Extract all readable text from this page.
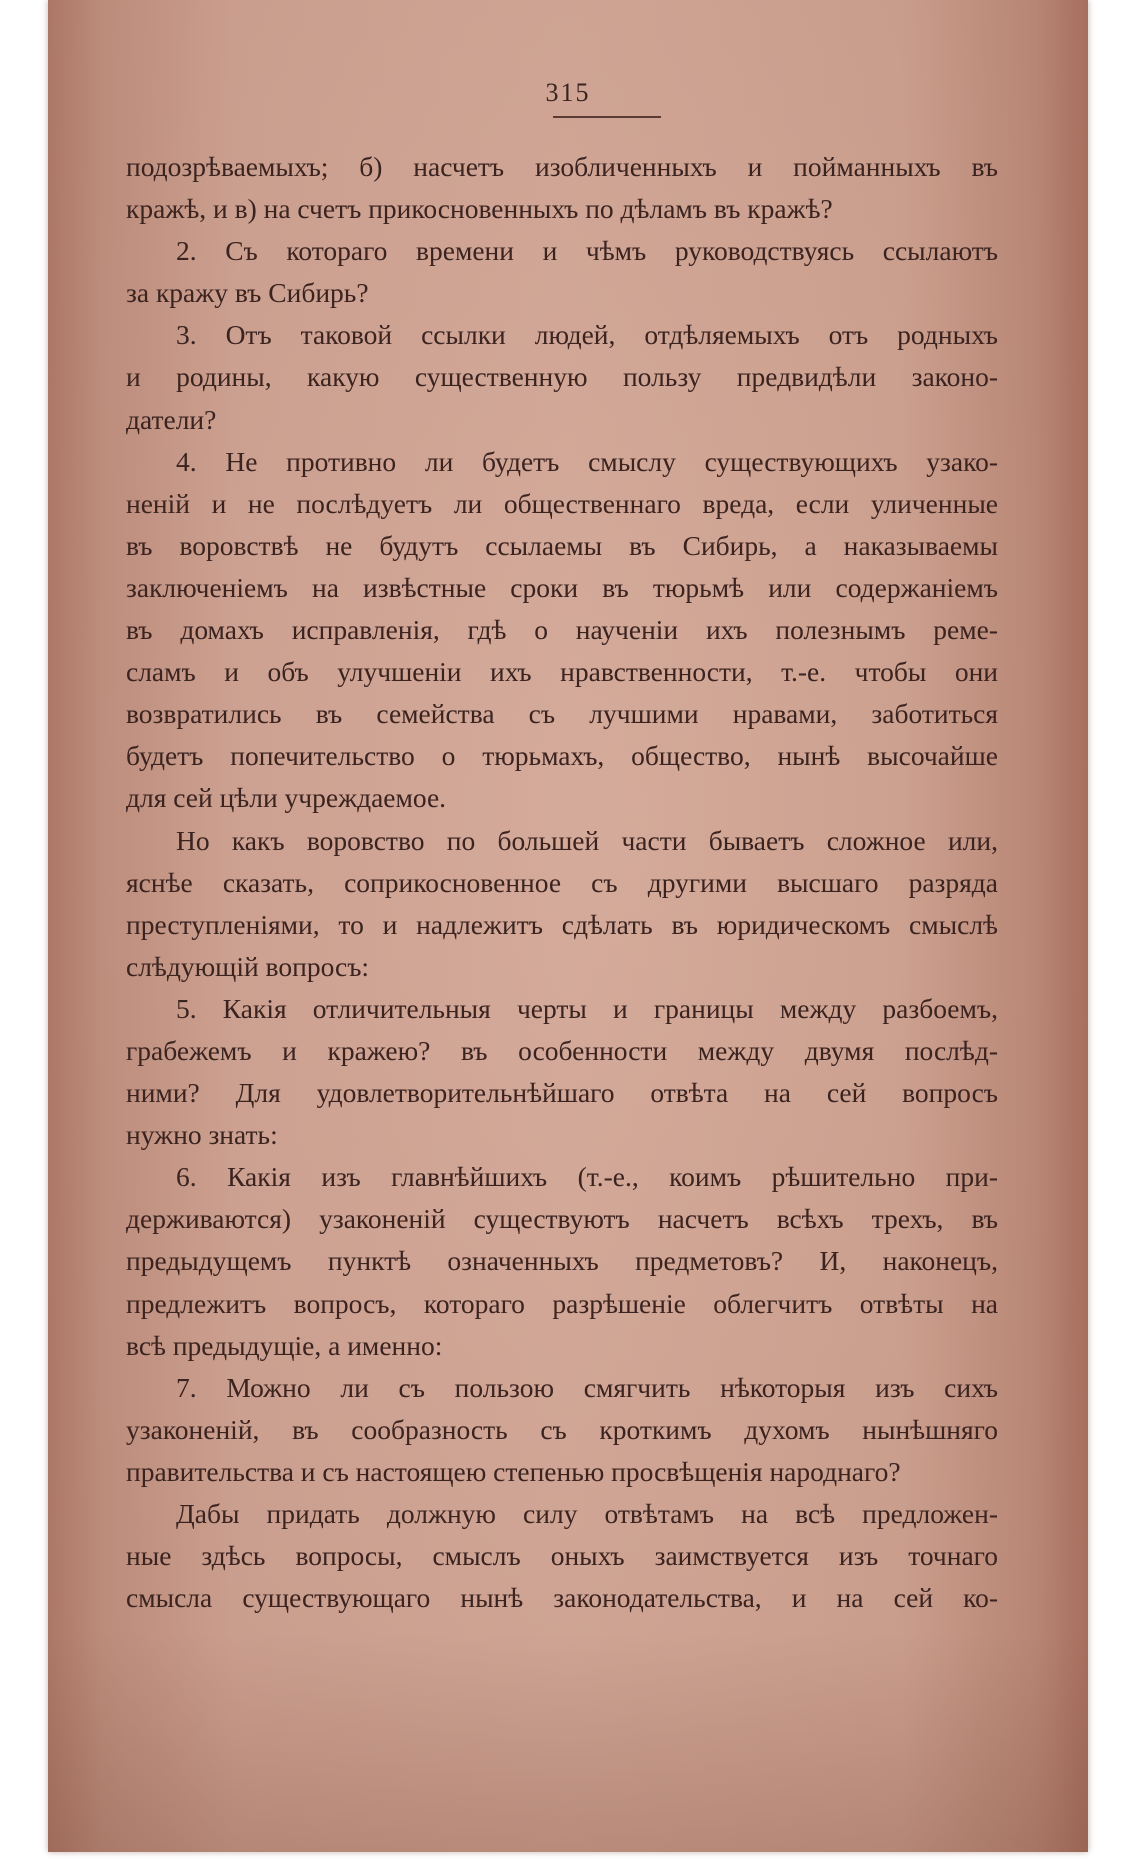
315
подозрѣваемыхъ; б) насчетъ изобличенныхъ и пойманныхъ въ
кражѣ, и в) на счетъ прикосновенныхъ по дѣламъ въ кражѣ?
2. Съ котораго времени и чѣмъ руководствуясь ссылаютъ
за кражу въ Сибирь?
3. Отъ таковой ссылки людей, отдѣляемыхъ отъ родныхъ
и родины, какую существенную пользу предвидѣли законо-
датели?
4. Не противно ли будетъ смыслу существующихъ узако-
неній и не послѣдуетъ ли общественнаго вреда, если уличенные
въ воровствѣ не будутъ ссылаемы въ Сибирь, а наказываемы
заключеніемъ на извѣстные сроки въ тюрьмѣ или содержаніемъ
въ домахъ исправленія, гдѣ о наученіи ихъ полезнымъ реме-
сламъ и объ улучшеніи ихъ нравственности, т.-е. чтобы они
возвратились въ семейства съ лучшими нравами, заботиться
будетъ попечительство о тюрьмахъ, общество, нынѣ высочайше
для сей цѣли учреждаемое.
Но какъ воровство по большей части бываетъ сложное или,
яснѣе сказать, соприкосновенное съ другими высшаго разряда
преступленіями, то и надлежитъ сдѣлать въ юридическомъ смыслѣ
слѣдующій вопросъ:
5. Какія отличительныя черты и границы между разбоемъ,
грабежемъ и кражею? въ особенности между двумя послѣд-
ними? Для удовлетворительнѣйшаго отвѣта на сей вопросъ
нужно знать:
6. Какія изъ главнѣйшихъ (т.-е., коимъ рѣшительно при-
держиваются) узаконеній существуютъ насчетъ всѣхъ трехъ, въ
предыдущемъ пунктѣ означенныхъ предметовъ? И, наконецъ,
предлежитъ вопросъ, котораго разрѣшеніе облегчитъ отвѣты на
всѣ предыдущіе, а именно:
7. Можно ли съ пользою смягчить нѣкоторыя изъ сихъ
узаконеній, въ сообразность съ кроткимъ духомъ нынѣшняго
правительства и съ настоящею степенью просвѣщенія народнаго?
Дабы придать должную силу отвѣтамъ на всѣ предложен-
ные здѣсь вопросы, смыслъ оныхъ заимствуется изъ точнаго
смысла существующаго нынѣ законодательства, и на сей ко-
